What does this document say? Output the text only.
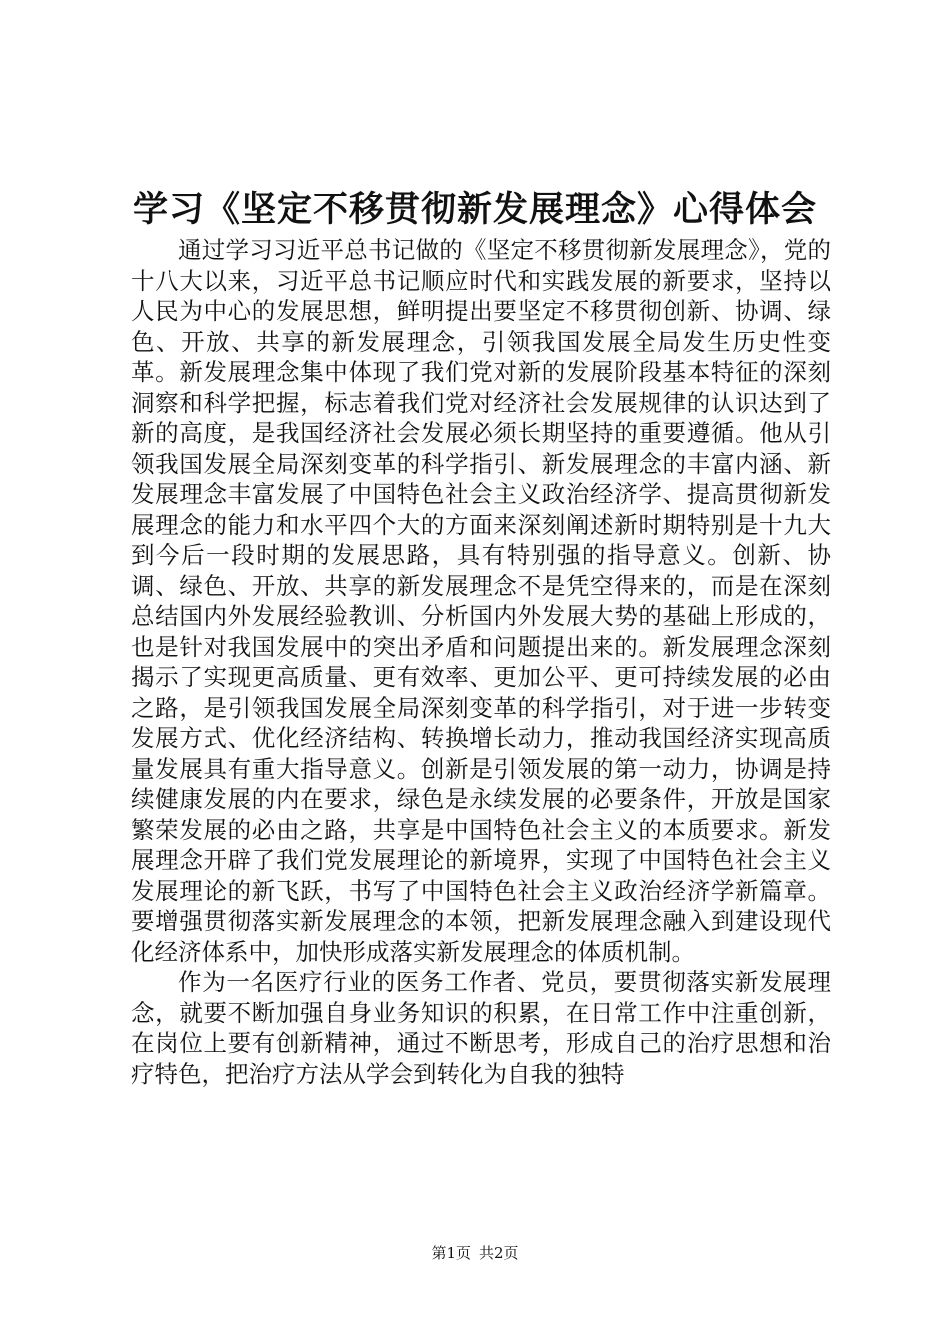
学习《坚定不移贯彻新发展理念》心得体会

通过学习习近平总书记做的《坚定不移贯彻新发展理念》，党的十八大以来，习近平总书记顺应时代和实践发展的新要求，坚持以人民为中心的发展思想，鲜明提出要坚定不移贯彻创新、协调、绿色、开放、共享的新发展理念，引领我国发展全局发生历史性变革。新发展理念集中体现了我们党对新的发展阶段基本特征的深刻洞察和科学把握，标志着我们党对经济社会发展规律的认识达到了新的高度，是我国经济社会发展必须长期坚持的重要遵循。他从引领我国发展全局深刻变革的科学指引、新发展理念的丰富内涵、新发展理念丰富发展了中国特色社会主义政治经济学、提高贯彻新发展理念的能力和水平四个大的方面来深刻阐述新时期特别是十九大到今后一段时期的发展思路，具有特别强的指导意义。创新、协调、绿色、开放、共享的新发展理念不是凭空得来的，而是在深刻总结国内外发展经验教训、分析国内外发展大势的基础上形成的，也是针对我国发展中的突出矛盾和问题提出来的。新发展理念深刻揭示了实现更高质量、更有效率、更加公平、更可持续发展的必由之路，是引领我国发展全局深刻变革的科学指引，对于进一步转变发展方式、优化经济结构、转换增长动力，推动我国经济实现高质量发展具有重大指导意义。创新是引领发展的第一动力，协调是持续健康发展的内在要求，绿色是永续发展的必要条件，开放是国家繁荣发展的必由之路，共享是中国特色社会主义的本质要求。新发展理念开辟了我们党发展理论的新境界，实现了中国特色社会主义发展理论的新飞跃，书写了中国特色社会主义政治经济学新篇章。要增强贯彻落实新发展理念的本领，把新发展理念融入到建设现代化经济体系中，加快形成落实新发展理念的体质机制。

作为一名医疗行业的医务工作者、党员，要贯彻落实新发展理念，就要不断加强自身业务知识的积累，在日常工作中注重创新，在岗位上要有创新精神，通过不断思考，形成自己的治疗思想和治疗特色，把治疗方法从学会到转化为自我的独特

第1页 共2页
